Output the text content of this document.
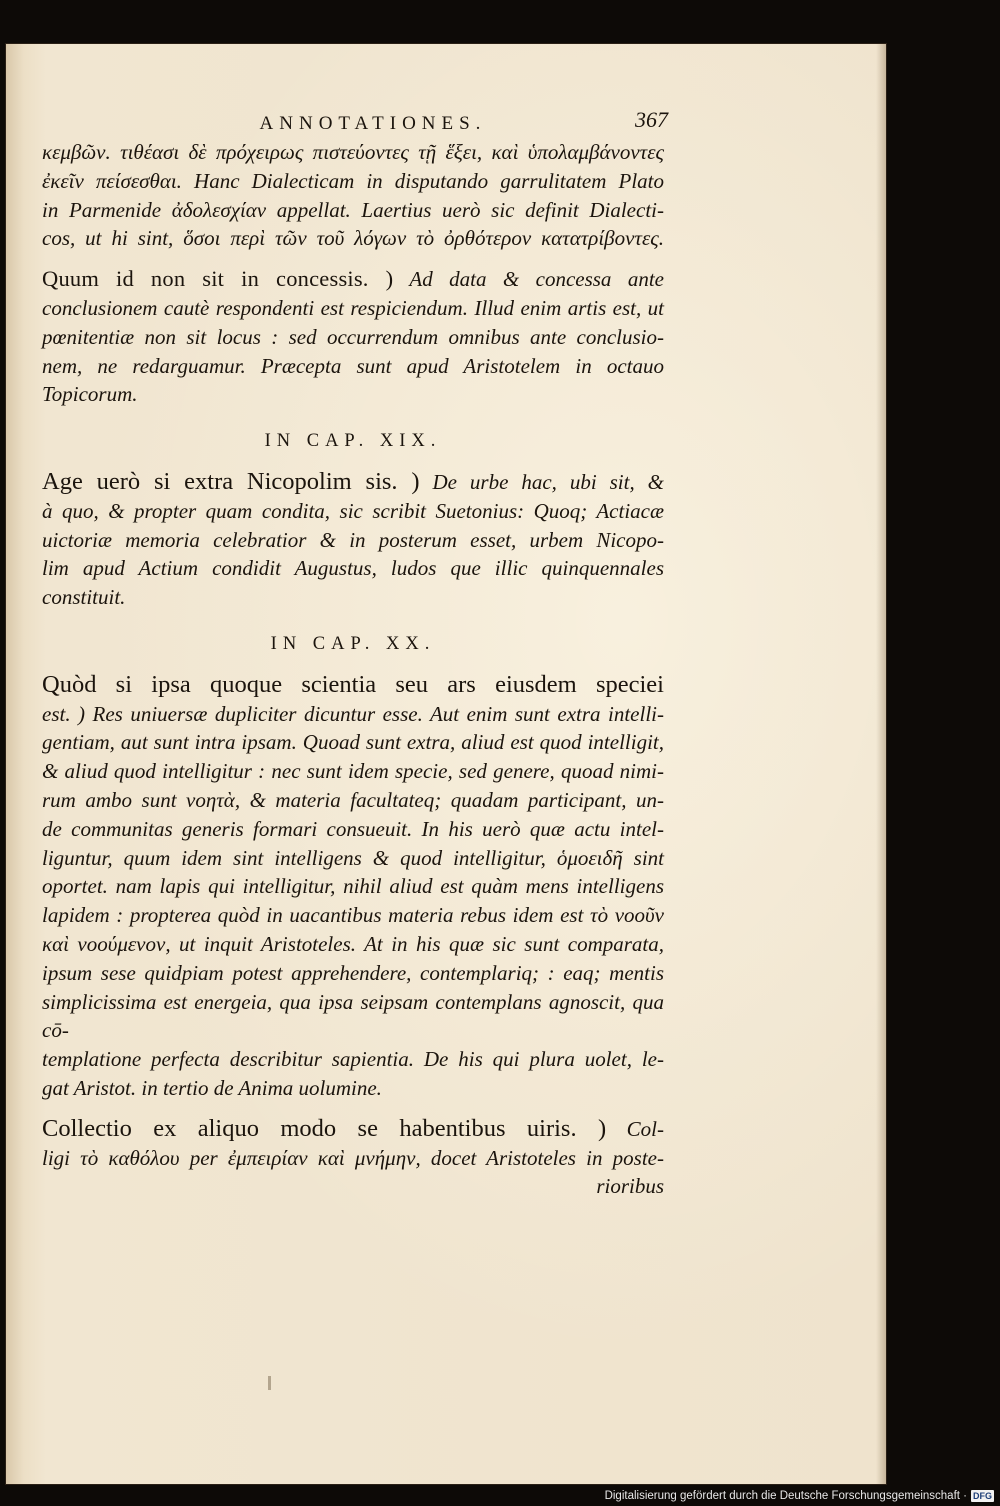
ANNOTATIONES.	367
κεμβῶν. τιθέασι δὲ πρόχειρως πιστεύοντες τῇ ἕξει, καὶ ὑπολαμβάνοντες
ἐκεῖν πείσεσθαι. Hanc Dialecticam in disputando garrulitatem Plato
in Parmenide ἀδολεσχίαν appellat. Laertius uerò sic definit Dialecti-
cos, ut hi sint, ὅσοι περὶ τῶν τοῦ λόγων τὸ ὀρθότερον κατατρίβοντες.
Quum id non sit in concessis. ) Ad data & concessa ante
conclusionem cautè respondenti est respiciendum. Illud enim artis est, ut
pœnitentiæ non sit locus : sed occurrendum omnibus ante conclusio-
nem, ne redarguamur. Præcepta sunt apud Aristotelem in octauo
Topicorum.
IN CAP. XIX.
Age uerò si extra Nicopolim sis. ) De urbe hac, ubi sit, &
à quo, & propter quam condita, sic scribit Suetonius: Quoq; Actiacæ
uictoriæ memoria celebratior & in posterum esset, urbem Nicopo-
lim apud Actium condidit Augustus, ludos que illic quinquennales
constituit.
IN CAP. XX.
Quòd si ipsa quoque scientia seu ars eiusdem speciei
est. ) Res uniuersæ dupliciter dicuntur esse. Aut enim sunt extra intelli-
gentiam, aut sunt intra ipsam. Quoad sunt extra, aliud est quod intelligit,
& aliud quod intelligitur : nec sunt idem specie, sed genere, quoad nimi-
rum ambo sunt νοητὰ, & materia facultateq; quadam participant, un-
de communitas generis formari consueuit. In his uerò quæ actu intel-
liguntur, quum idem sint intelligens & quod intelligitur, ὁμοειδῆ sint
oportet. nam lapis qui intelligitur, nihil aliud est quàm mens intelligens
lapidem : propterea quòd in uacantibus materia rebus idem est τὸ νοοῦν
καὶ νοούμενον, ut inquit Aristoteles. At in his quæ sic sunt comparata,
ipsum sese quidpiam potest apprehendere, contemplariq; : eaq; mentis
simplicissima est energeia, qua ipsa seipsam contemplans agnoscit, qua cō-
templatione perfecta describitur sapientia. De his qui plura uolet, le-
gat Aristot. in tertio de Anima uolumine.
Collectio ex aliquo modo se habentibus uiris. ) Col-
ligi τὸ καθόλου per ἐμπειρίαν καὶ μνήμην, docet Aristoteles in poste-
rioribus
Digitalisierung gefördert durch die Deutsche Forschungsgemeinschaft · DFG
